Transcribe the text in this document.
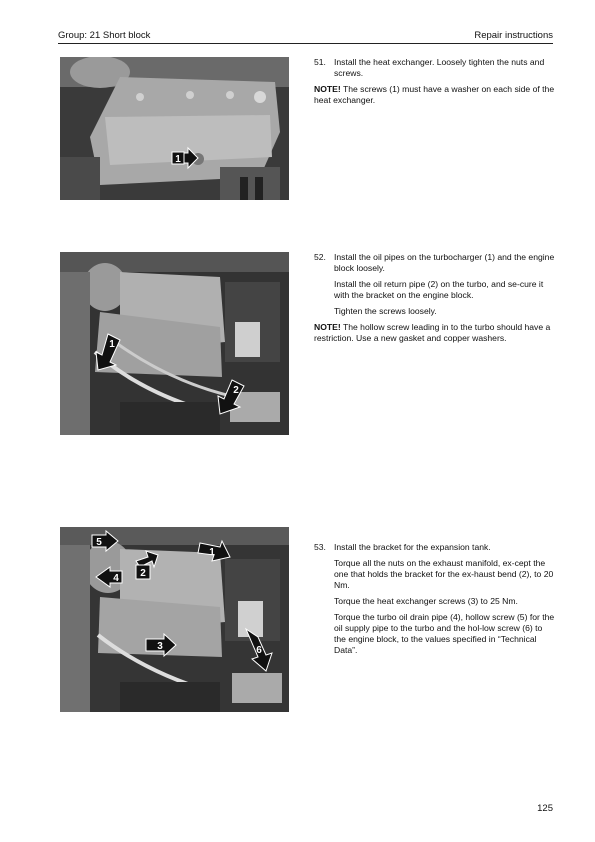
Group: 21 Short block	Repair instructions
1

51. Install the heat exchanger. Loosely tighten the nuts and screws.

NOTE! The screws (1) must have a washer on each side of the heat exchanger.

1
2

52. Install the oil pipes on the turbocharger (1) and the engine block loosely.

Install the oil return pipe (2) on the turbo, and se-cure it with the bracket on the engine block.

Tighten the screws loosely.

NOTE! The hollow screw leading in to the turbo should have a restriction. Use a new gasket and copper washers.

5
1
4 2
3	6

53. Install the bracket for the expansion tank.

Torque all the nuts on the exhaust manifold, ex-cept the one that holds the bracket for the ex-haust bend (2), to 20 Nm.

Torque the heat exchanger screws (3) to 25 Nm.

Torque the turbo oil drain pipe (4), hollow screw (5) for the oil supply pipe to the turbo and the hol-low screw (6) to the engine block, to the values specified in “Technical Data”.

125
